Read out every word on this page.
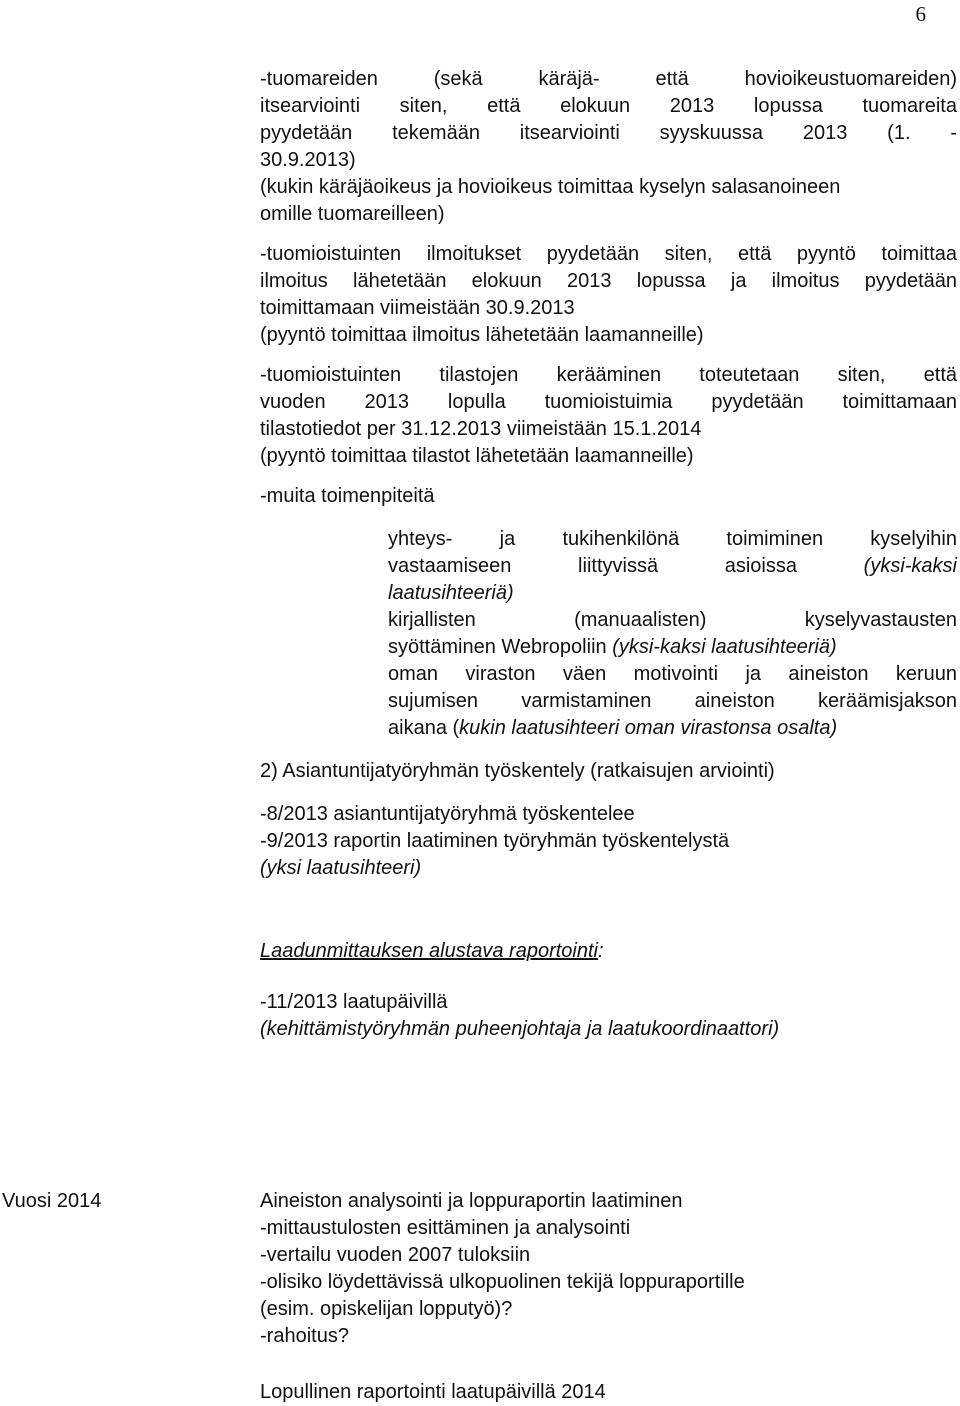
6
-tuomareiden (sekä käräjä- että hovioikeustuomareiden)
itsearviointi siten, että elokuun 2013 lopussa tuomareita
pyydetään tekemään itsearviointi syyskuussa 2013 (1. -
30.9.2013)
(kukin käräjäoikeus ja hovioikeus toimittaa kyselyn salasanoineen
omille tuomareilleen)
-tuomioistuinten ilmoitukset pyydetään siten, että pyyntö toimittaa
ilmoitus lähetetään elokuun 2013 lopussa ja ilmoitus pyydetään
toimittamaan viimeistään 30.9.2013
(pyyntö toimittaa ilmoitus lähetetään laamanneille)
-tuomioistuinten tilastojen kerääminen toteutetaan siten, että
vuoden 2013 lopulla tuomioistuimia pyydetään toimittamaan
tilastotiedot per 31.12.2013 viimeistään 15.1.2014
(pyyntö toimittaa tilastot lähetetään laamanneille)
-muita toimenpiteitä
yhteys- ja tukihenkilönä toimiminen kyselyihin
vastaamiseen liittyvissä asioissa (yksi-kaksi
laatusihteeriä)
kirjallisten (manuaalisten) kyselyvastausten
syöttäminen Webropoliin (yksi-kaksi laatusihteeriä)
oman viraston väen motivointi ja aineiston keruun
sujumisen varmistaminen aineiston keräämisjakson
aikana (kukin laatusihteeri oman virastonsa osalta)
2) Asiantuntijatyöryhmän työskentely (ratkaisujen arviointi)
-8/2013 asiantuntijatyöryhmä työskentelee
-9/2013 raportin laatiminen työryhmän työskentelystä
(yksi laatusihteeri)
Laadunmittauksen alustava raportointi:
-11/2013 laatupäivillä
(kehittämistyöryhmän puheenjohtaja ja laatukoordinaattori)
Vuosi 2014	Aineiston analysointi ja loppuraportin laatiminen
-mittaustulosten esittäminen ja analysointi
-vertailu vuoden 2007 tuloksiin
-olisiko löydettävissä ulkopuolinen tekijä loppuraportille
(esim. opiskelijan lopputyö)?
-rahoitus?
Lopullinen raportointi laatupäivillä 2014
